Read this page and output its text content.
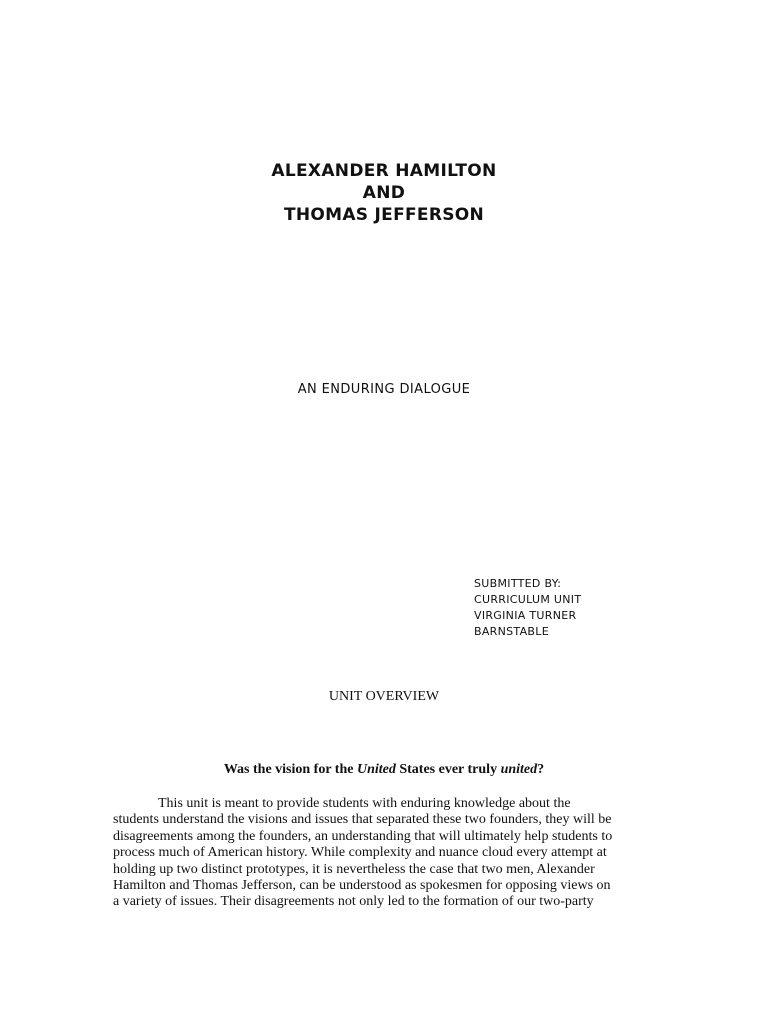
ALEXANDER HAMILTON
AND
THOMAS JEFFERSON
AN ENDURING DIALOGUE
SUBMITTED BY:
CURRICULUM UNIT
VIRGINIA TURNER
BARNSTABLE
UNIT OVERVIEW
Was the vision for the United States ever truly united?
This unit is meant to provide students with enduring knowledge about the
students understand the visions and issues that separated these two founders, they will be
disagreements among the founders, an understanding that will ultimately help students to
process much of American history. While complexity and nuance cloud every attempt at
holding up two distinct prototypes, it is nevertheless the case that two men, Alexander
Hamilton and Thomas Jefferson, can be understood as spokesmen for opposing views on
a variety of issues. Their disagreements not only led to the formation of our two-party
